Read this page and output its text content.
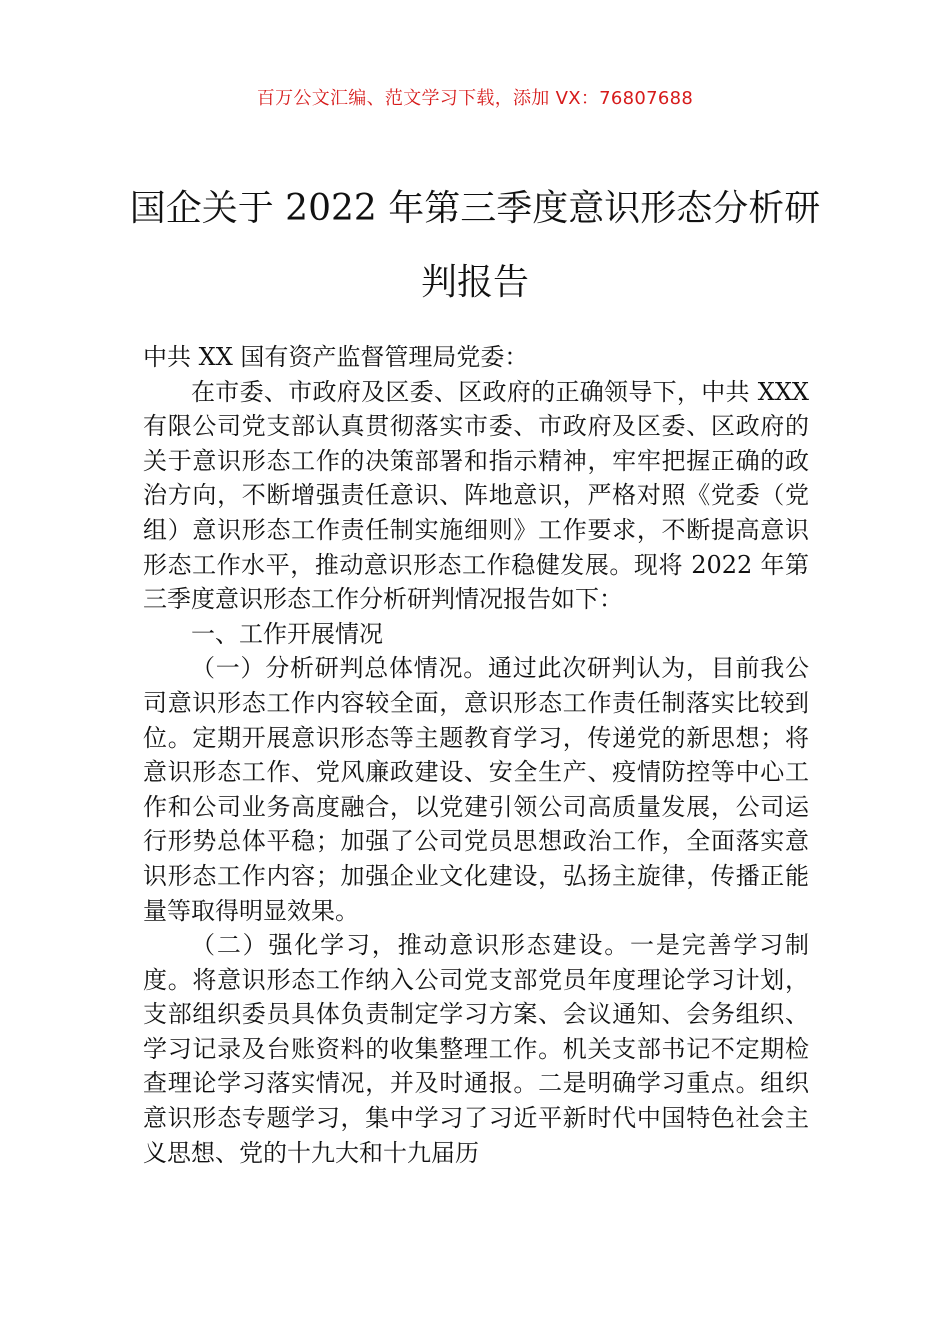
百万公文汇编、范文学习下载，添加 VX：76807688
国企关于 2022 年第三季度意识形态分析研判报告

中共 XX 国有资产监督管理局党委：

在市委、市政府及区委、区政府的正确领导下，中共 XXX 有限公司党支部认真贯彻落实市委、市政府及区委、区政府的关于意识形态工作的决策部署和指示精神，牢牢把握正确的政治方向，不断增强责任意识、阵地意识，严格对照《党委（党组）意识形态工作责任制实施细则》工作要求，不断提高意识形态工作水平，推动意识形态工作稳健发展。现将 2022 年第三季度意识形态工作分析研判情况报告如下：

一、工作开展情况

（一）分析研判总体情况。通过此次研判认为，目前我公司意识形态工作内容较全面，意识形态工作责任制落实比较到位。定期开展意识形态等主题教育学习，传递党的新思想；将意识形态工作、党风廉政建设、安全生产、疫情防控等中心工作和公司业务高度融合，以党建引领公司高质量发展，公司运行形势总体平稳；加强了公司党员思想政治工作，全面落实意识形态工作内容；加强企业文化建设，弘扬主旋律，传播正能量等取得明显效果。

（二）强化学习，推动意识形态建设。一是完善学习制度。将意识形态工作纳入公司党支部党员年度理论学习计划，支部组织委员具体负责制定学习方案、会议通知、会务组织、学习记录及台账资料的收集整理工作。机关支部书记不定期检查理论学习落实情况，并及时通报。二是明确学习重点。组织意识形态专题学习，集中学习了习近平新时代中国特色社会主义思想、党的十九大和十九届历
